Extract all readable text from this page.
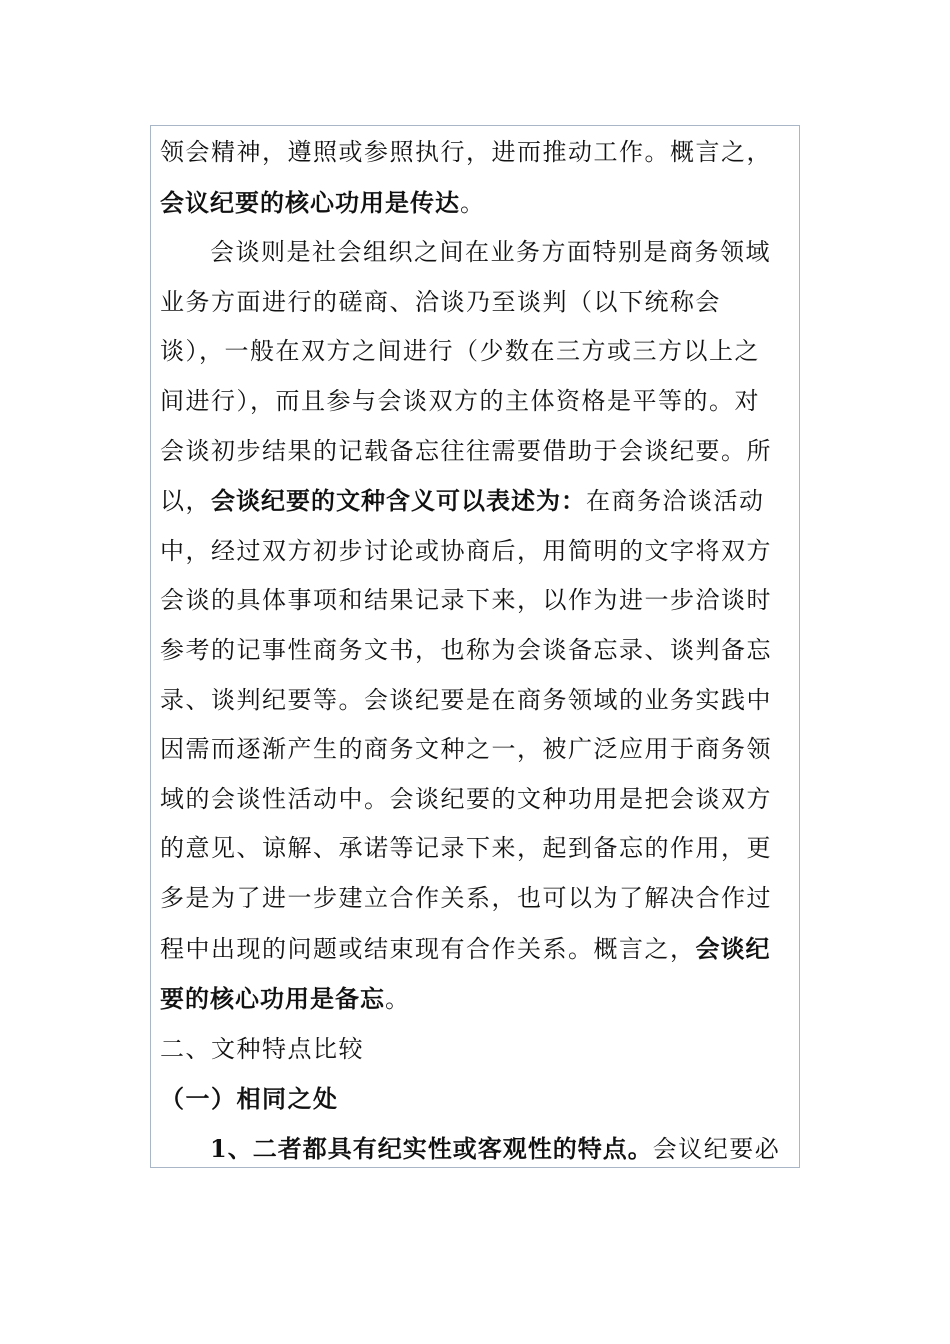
领会精神，遵照或参照执行，进而推动工作。概言之，

会议纪要的核心功用是传达。

会谈则是社会组织之间在业务方面特别是商务领域

业务方面进行的磋商、洽谈乃至谈判（以下统称会

谈），一般在双方之间进行（少数在三方或三方以上之

间进行），而且参与会谈双方的主体资格是平等的。对

会谈初步结果的记载备忘往往需要借助于会谈纪要。所

以，会谈纪要的文种含义可以表述为：在商务洽谈活动

中，经过双方初步讨论或协商后，用简明的文字将双方

会谈的具体事项和结果记录下来，以作为进一步洽谈时

参考的记事性商务文书，也称为会谈备忘录、谈判备忘

录、谈判纪要等。会谈纪要是在商务领域的业务实践中

因需而逐渐产生的商务文种之一，被广泛应用于商务领

域的会谈性活动中。会谈纪要的文种功用是把会谈双方

的意见、谅解、承诺等记录下来，起到备忘的作用，更

多是为了进一步建立合作关系，也可以为了解决合作过

程中出现的问题或结束现有合作关系。概言之，会谈纪

要的核心功用是备忘。

二、文种特点比较

（一）相同之处

1、二者都具有纪实性或客观性的特点。会议纪要必
